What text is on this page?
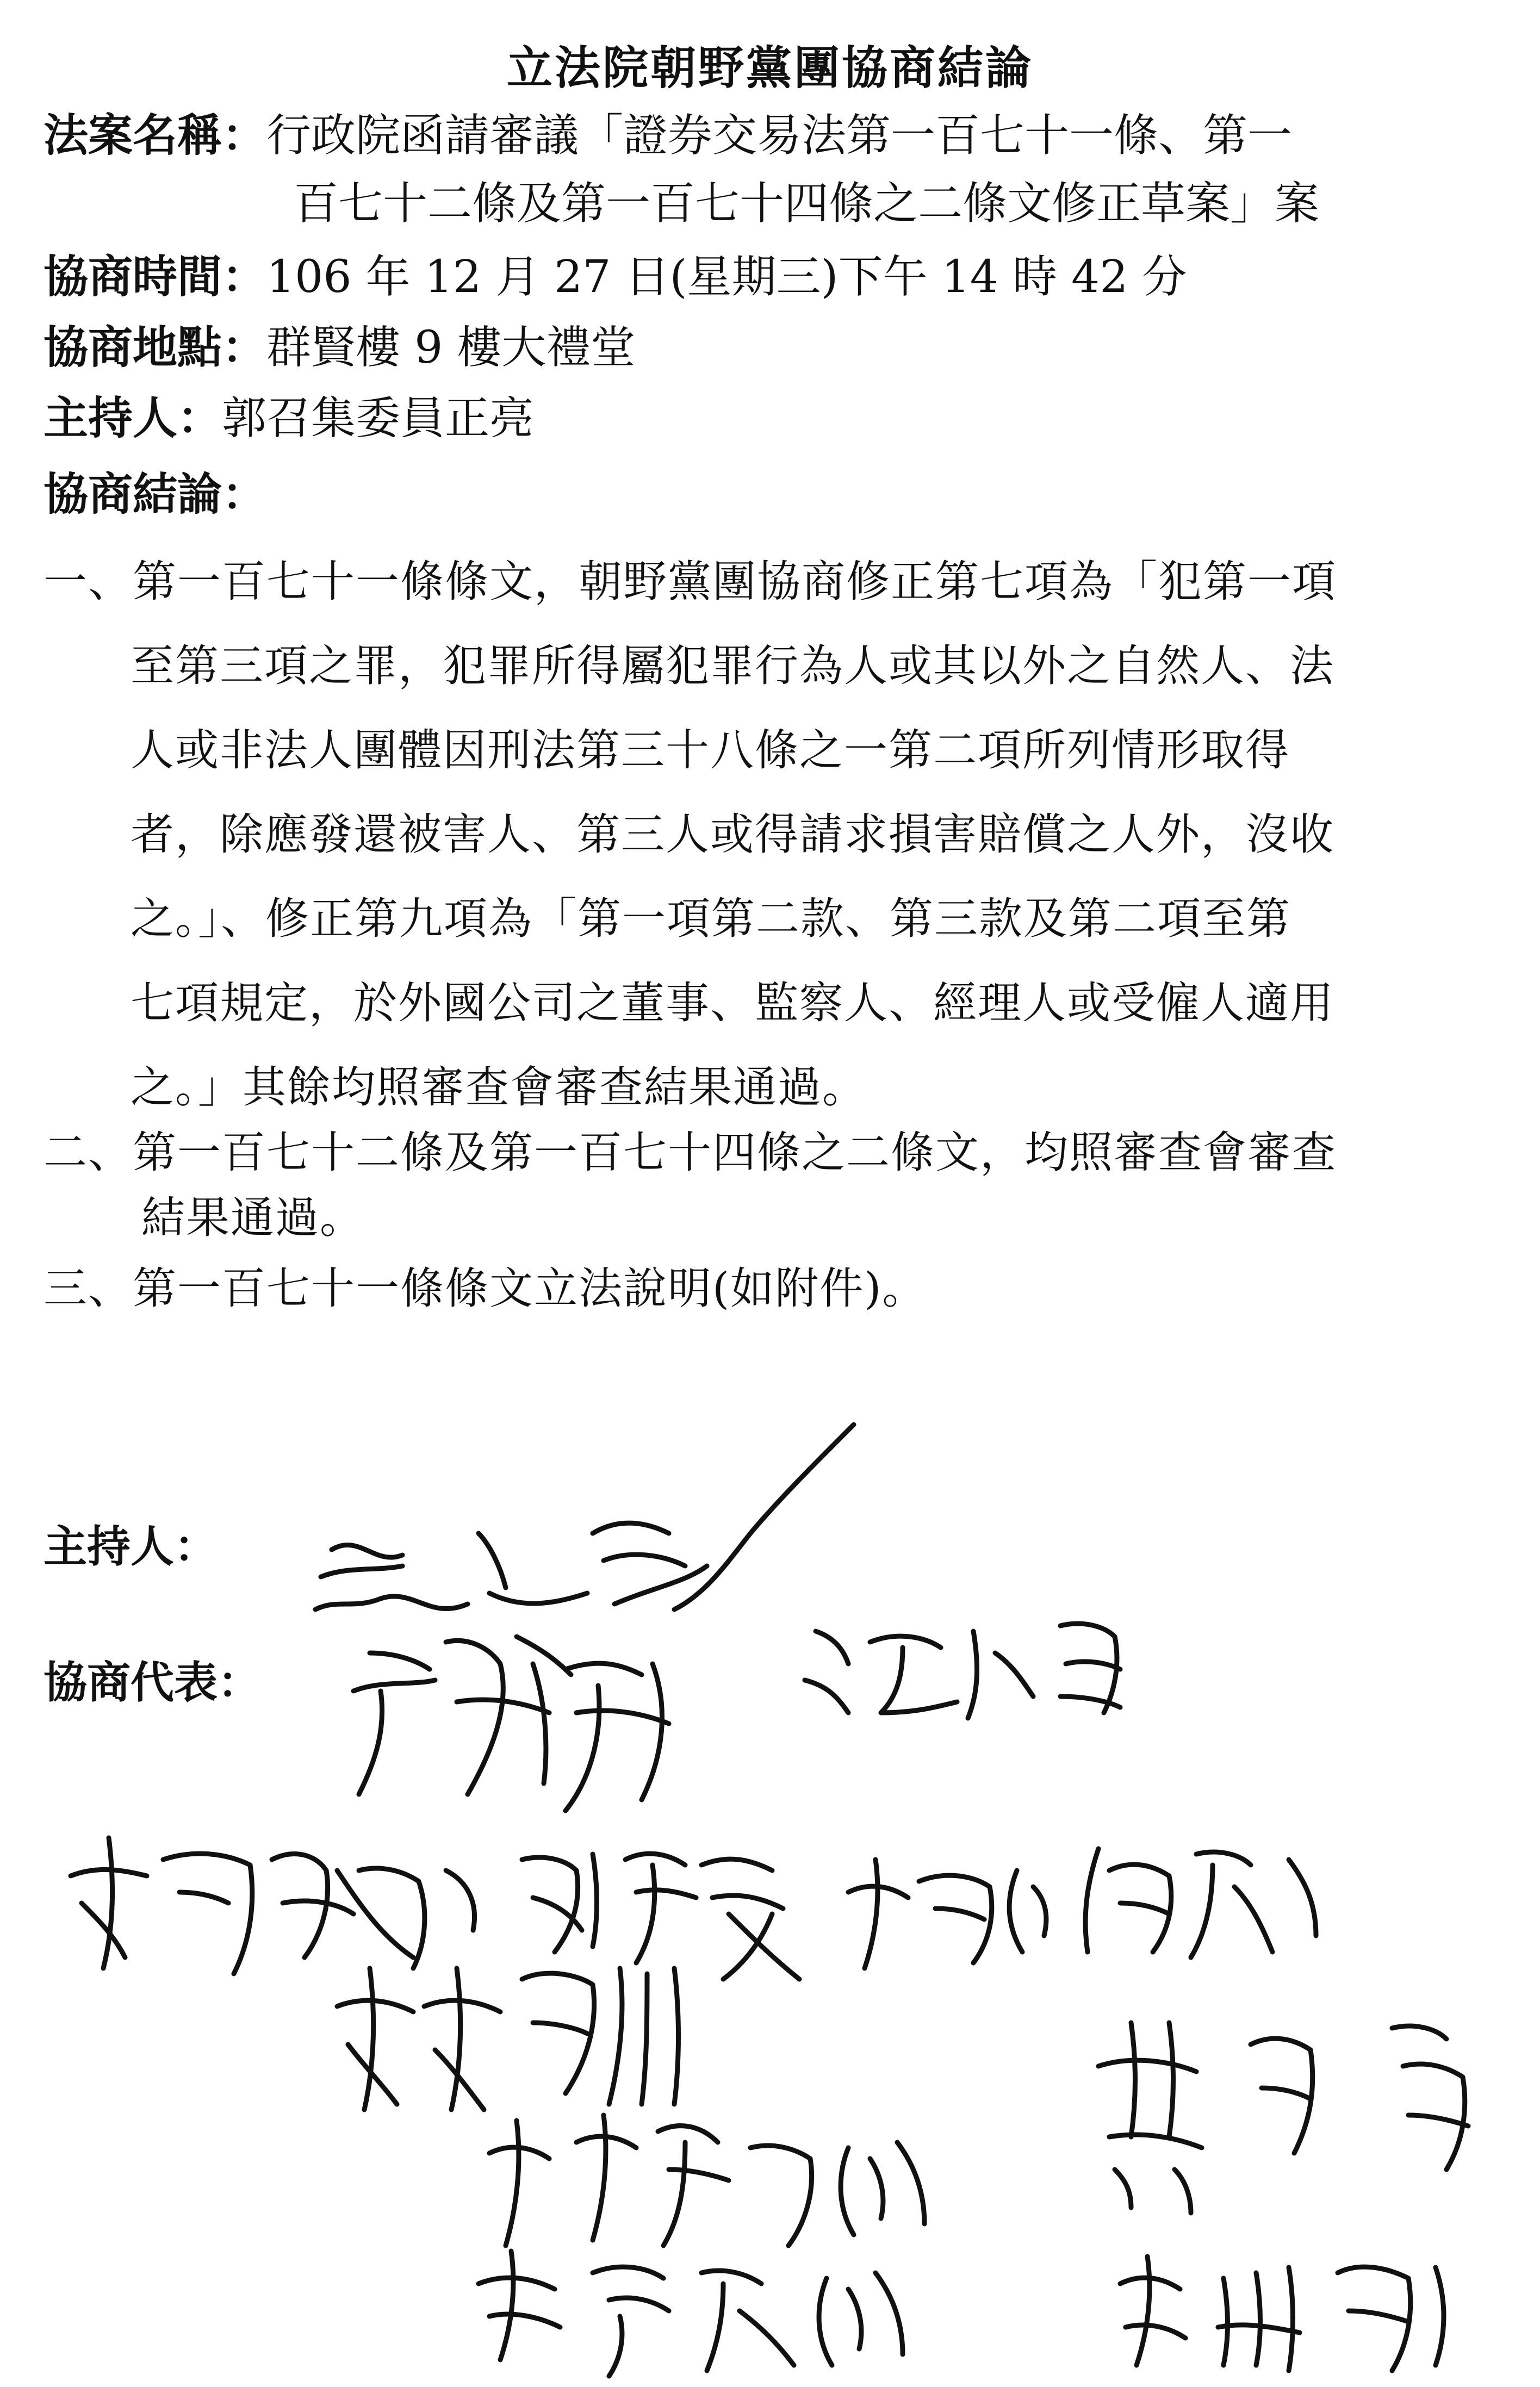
立法院朝野黨團協商結論
法案名稱：行政院函請審議「證券交易法第一百七十一條、第一
百七十二條及第一百七十四條之二條文修正草案」案
協商時間：106 年 12 月 27 日(星期三)下午 14 時 42 分
協商地點：群賢樓 9 樓大禮堂
主持人：郭召集委員正亮
協商結論：
一、第一百七十一條條文，朝野黨團協商修正第七項為「犯第一項
至第三項之罪，犯罪所得屬犯罪行為人或其以外之自然人、法
人或非法人團體因刑法第三十八條之一第二項所列情形取得
者，除應發還被害人、第三人或得請求損害賠償之人外，沒收
之。」、修正第九項為「第一項第二款、第三款及第二項至第
七項規定，於外國公司之董事、監察人、經理人或受僱人適用
之。」其餘均照審查會審查結果通過。
二、第一百七十二條及第一百七十四條之二條文，均照審查會審查
結果通過。
三、第一百七十一條條文立法說明(如附件)。
主持人：
協商代表：
